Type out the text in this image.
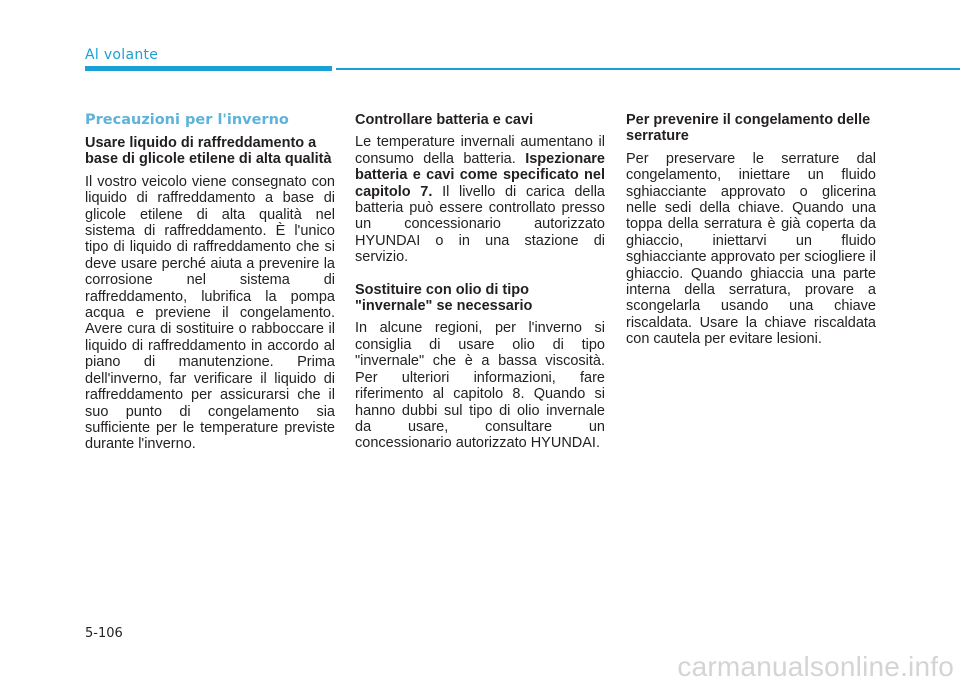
Al volante
Precauzioni per l'inverno

Usare liquido di raffreddamento a base di glicole etilene di alta qualità

Il vostro veicolo viene consegnato con liquido di raffreddamento a base di glicole etilene di alta qualità nel sistema di raffreddamento. È l'unico tipo di liquido di raffreddamento che si deve usare perché aiuta a prevenire la corrosione nel sistema di raffreddamento, lubrifica la pompa acqua e previene il congelamento. Avere cura di sostituire o rabboccare il liquido di raffreddamento in accordo al piano di manutenzione. Prima dell'inverno, far verificare il liquido di raffreddamento per assicurarsi che il suo punto di congelamento sia sufficiente per le temperature previste durante l'inverno.

Controllare batteria e cavi

Le temperature invernali aumentano il consumo della batteria. Ispezionare batteria e cavi come specificato nel capitolo 7. Il livello di carica della batteria può essere controllato presso un concessionario autorizzato HYUNDAI o in una stazione di servizio.

Sostituire con olio di tipo "invernale" se necessario

In alcune regioni, per l'inverno si consiglia di usare olio di tipo "invernale" che è a bassa viscosità. Per ulteriori informazioni, fare riferimento al capitolo 8. Quando si hanno dubbi sul tipo di olio invernale da usare, consultare un concessionario autorizzato HYUNDAI.

Per prevenire il congelamento delle serrature

Per preservare le serrature dal congelamento, iniettare un fluido sghiacciante approvato o glicerina nelle sedi della chiave. Quando una toppa della serratura è già coperta da ghiaccio, iniettarvi un fluido sghiacciante approvato per sciogliere il ghiaccio. Quando ghiaccia una parte interna della serratura, provare a scongelarla usando una chiave riscaldata. Usare la chiave riscaldata con cautela per evitare lesioni.

5-106
carmanualsonline.info
